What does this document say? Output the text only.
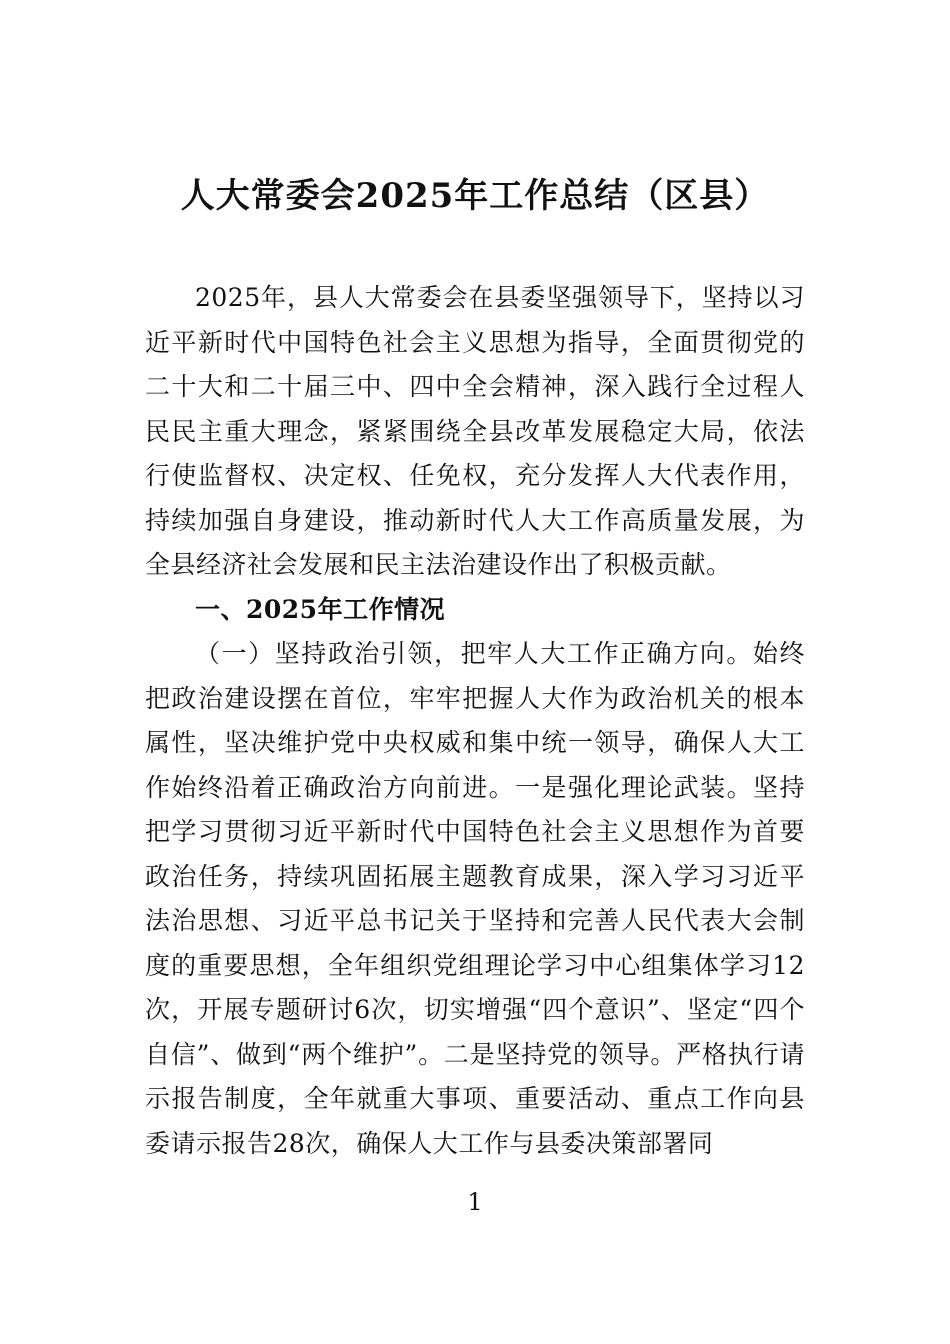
人大常委会2025年工作总结（区县）

2025年，县人大常委会在县委坚强领导下，坚持以习近平新时代中国特色社会主义思想为指导，全面贯彻党的二十大和二十届三中、四中全会精神，深入践行全过程人民民主重大理念，紧紧围绕全县改革发展稳定大局，依法行使监督权、决定权、任免权，充分发挥人大代表作用，持续加强自身建设，推动新时代人大工作高质量发展，为全县经济社会发展和民主法治建设作出了积极贡献。

一、2025年工作情况

（一）坚持政治引领，把牢人大工作正确方向。始终把政治建设摆在首位，牢牢把握人大作为政治机关的根本属性，坚决维护党中央权威和集中统一领导，确保人大工作始终沿着正确政治方向前进。一是强化理论武装。坚持把学习贯彻习近平新时代中国特色社会主义思想作为首要政治任务，持续巩固拓展主题教育成果，深入学习习近平法治思想、习近平总书记关于坚持和完善人民代表大会制度的重要思想，全年组织党组理论学习中心组集体学习12次，开展专题研讨6次，切实增强“四个意识”、坚定“四个自信”、做到“两个维护”。二是坚持党的领导。严格执行请示报告制度，全年就重大事项、重要活动、重点工作向县委请示报告28次，确保人大工作与县委决策部署同

1
